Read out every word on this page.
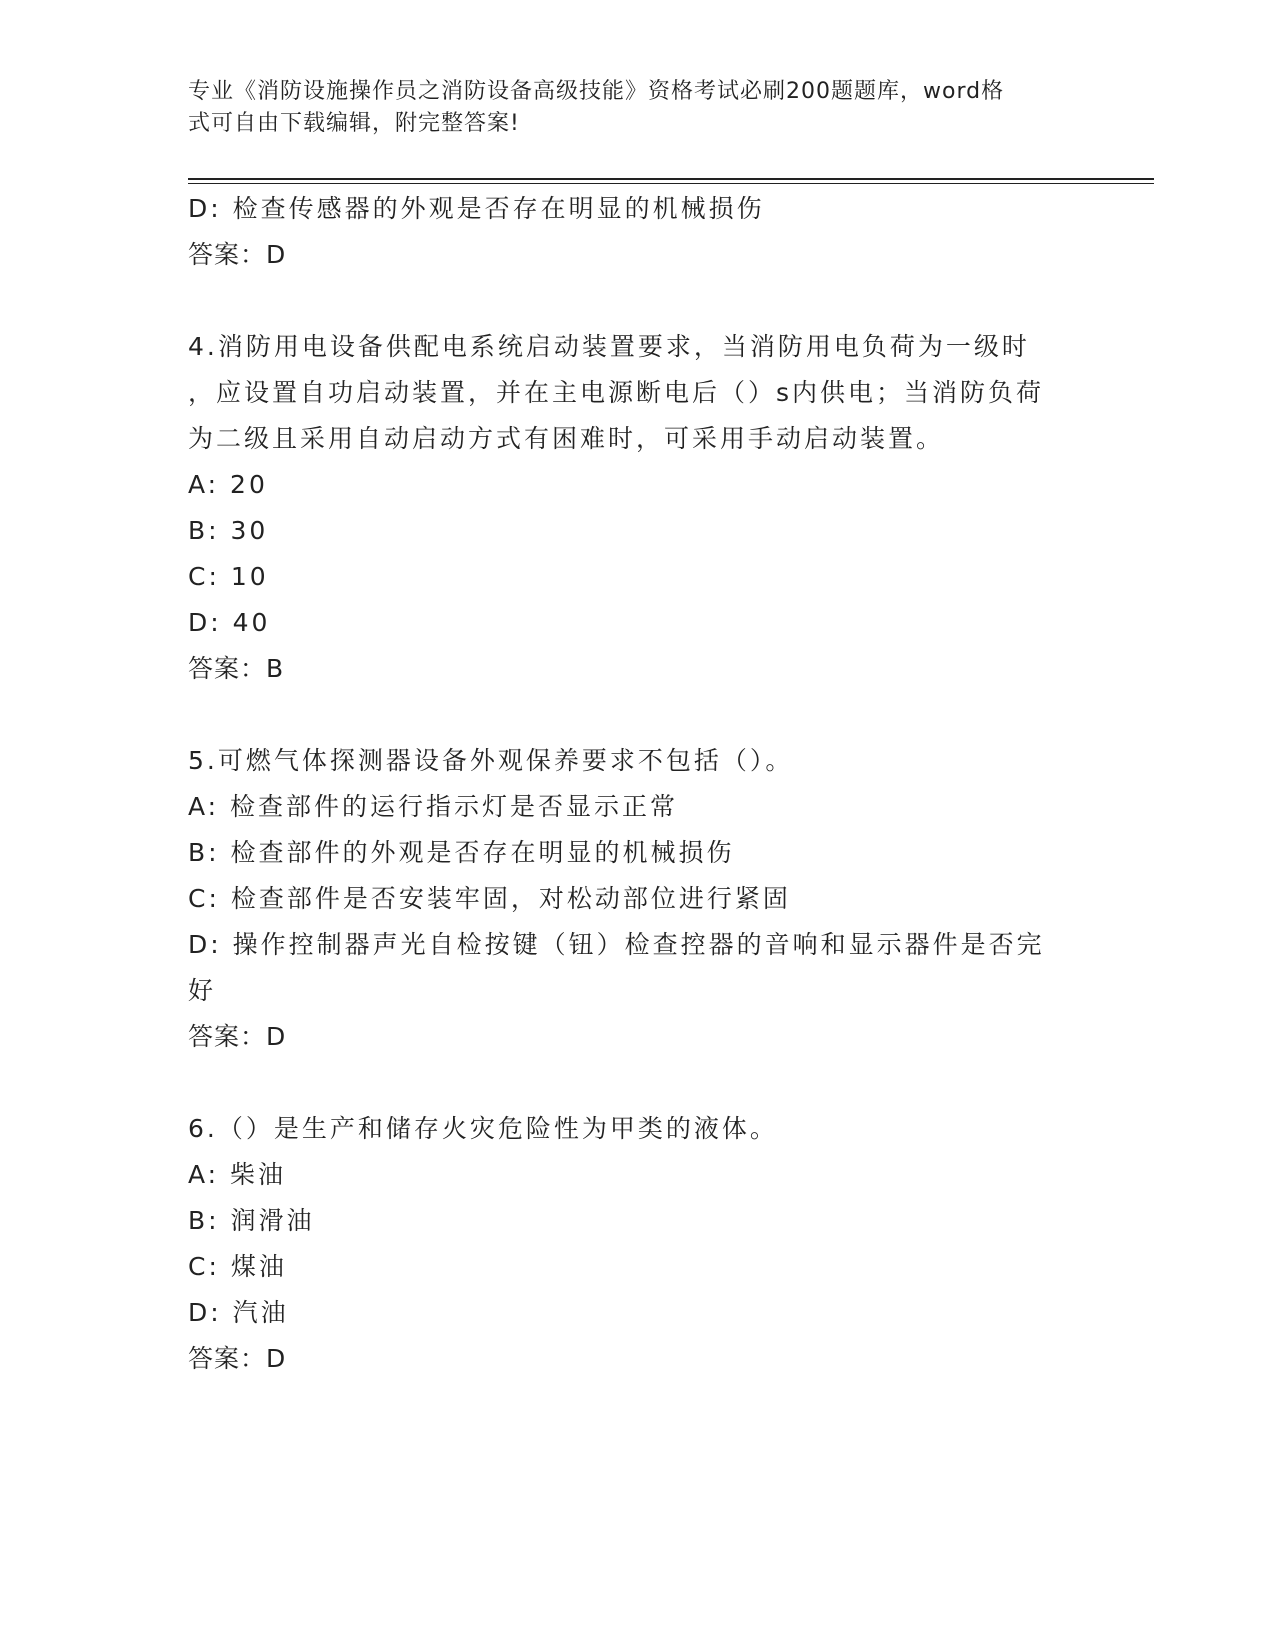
专业《消防设施操作员之消防设备高级技能》资格考试必刷200题题库，word格
式可自由下载编辑，附完整答案!
D: 检查传感器的外观是否存在明显的机械损伤
答案：D
4.消防用电设备供配电系统启动装置要求，当消防用电负荷为一级时
，应设置自功启动装置，并在主电源断电后（）s内供电；当消防负荷
为二级且采用自动启动方式有困难时，可采用手动启动装置。
A: 20
B: 30
C: 10
D: 40
答案：B
5.可燃气体探测器设备外观保养要求不包括（）。
A: 检查部件的运行指示灯是否显示正常
B: 检查部件的外观是否存在明显的机械损伤
C: 检查部件是否安装牢固，对松动部位进行紧固
D: 操作控制器声光自检按键（钮）检查控器的音响和显示器件是否完
好
答案：D
6.（）是生产和储存火灾危险性为甲类的液体。
A: 柴油
B: 润滑油
C: 煤油
D: 汽油
答案：D
